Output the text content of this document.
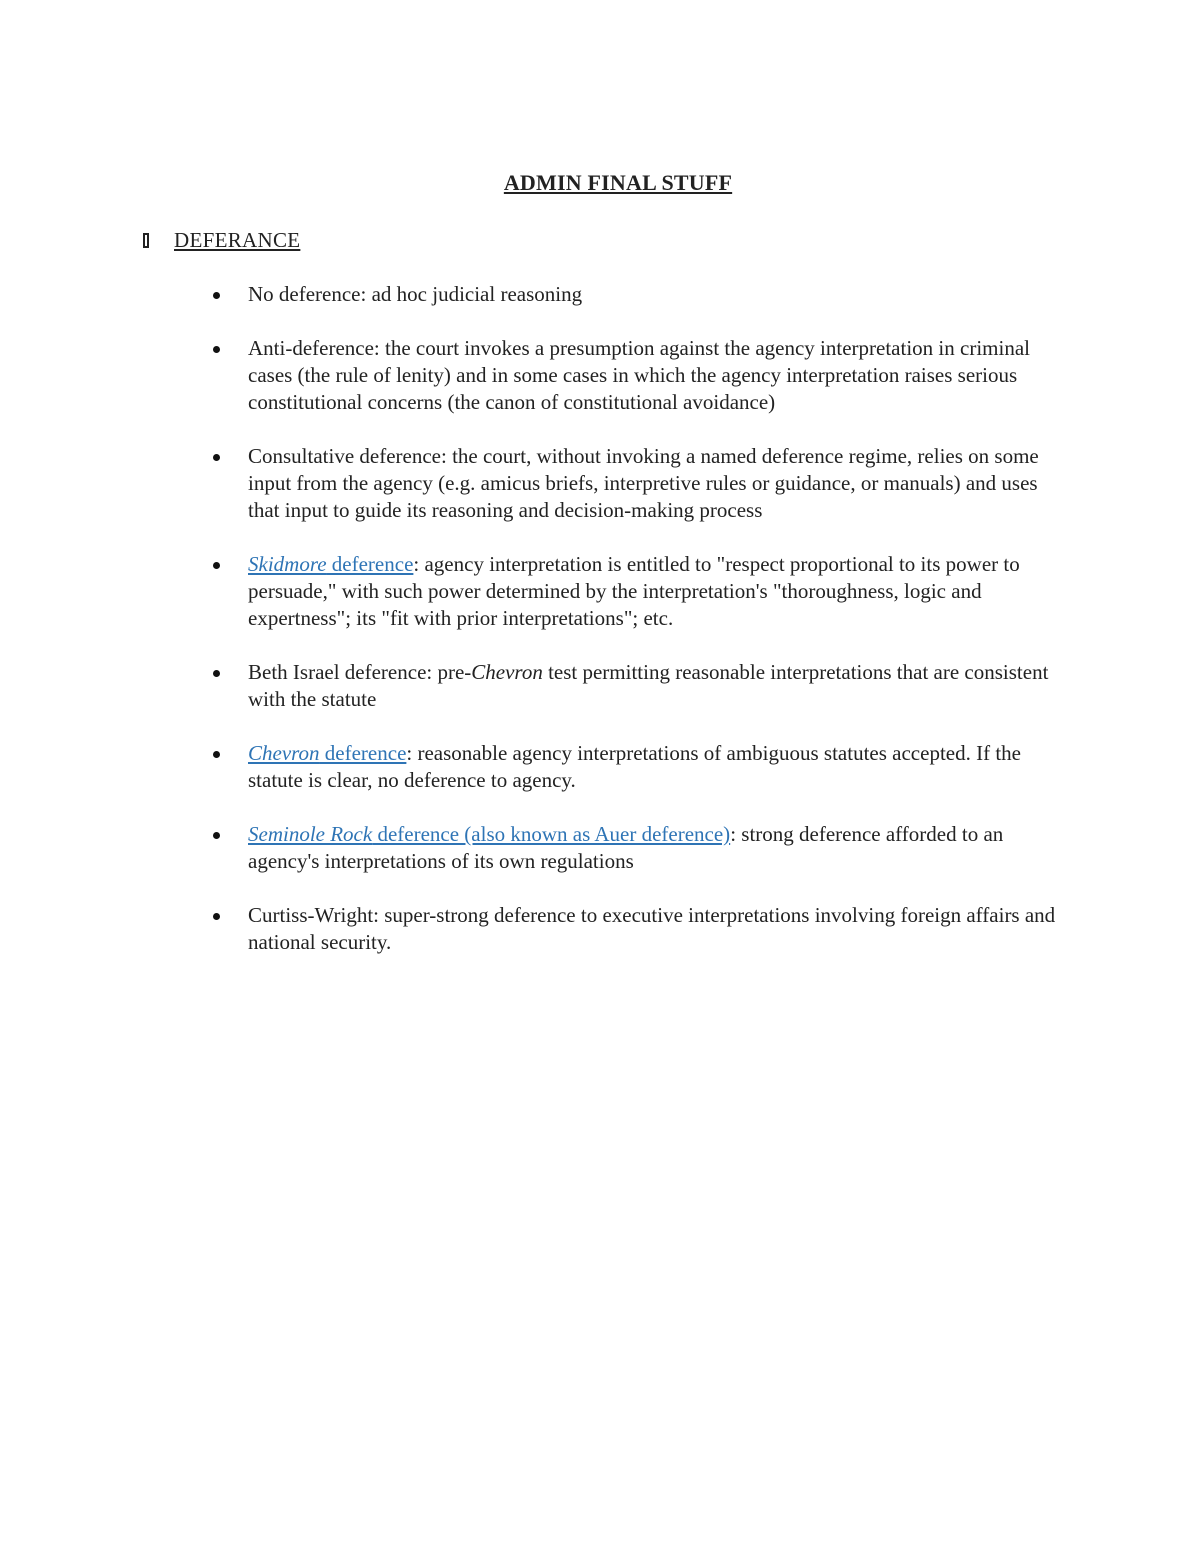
ADMIN FINAL STUFF
DEFERANCE
No deference: ad hoc judicial reasoning
Anti-deference: the court invokes a presumption against the agency interpretation in criminal cases (the rule of lenity) and in some cases in which the agency interpretation raises serious constitutional concerns (the canon of constitutional avoidance)
Consultative deference: the court, without invoking a named deference regime, relies on some input from the agency (e.g. amicus briefs, interpretive rules or guidance, or manuals) and uses that input to guide its reasoning and decision-making process
Skidmore deference: agency interpretation is entitled to "respect proportional to its power to persuade," with such power determined by the interpretation's "thoroughness, logic and expertness"; its "fit with prior interpretations"; etc.
Beth Israel deference: pre-Chevron test permitting reasonable interpretations that are consistent with the statute
Chevron deference: reasonable agency interpretations of ambiguous statutes accepted. If the statute is clear, no deference to agency.
Seminole Rock deference (also known as Auer deference): strong deference afforded to an agency's interpretations of its own regulations
Curtiss-Wright: super-strong deference to executive interpretations involving foreign affairs and national security.
